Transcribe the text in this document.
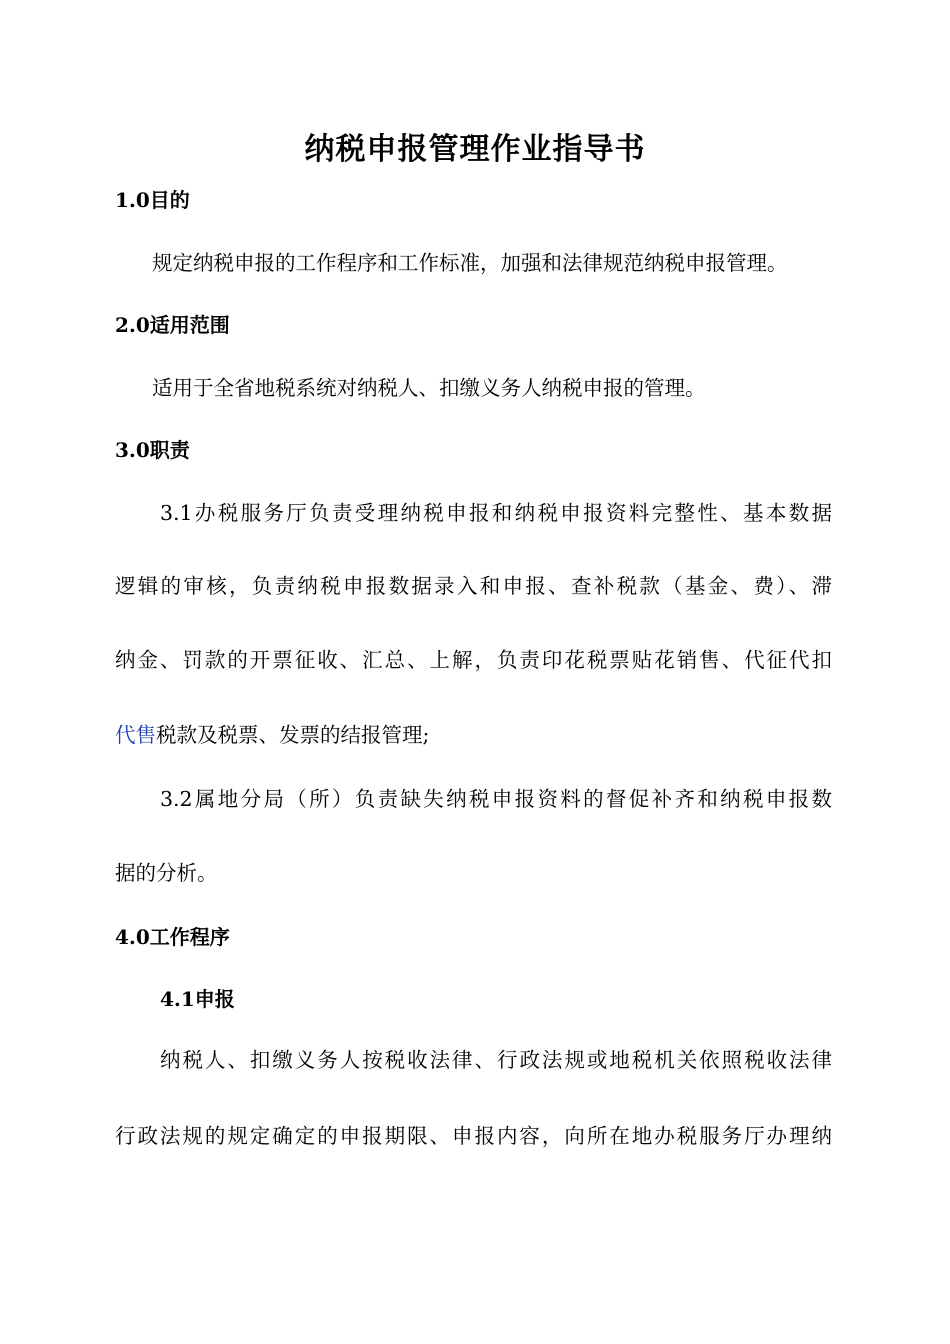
纳税申报管理作业指导书
1.0目的
规定纳税申报的工作程序和工作标准，加强和法律规范纳税申报管理。
2.0适用范围
适用于全省地税系统对纳税人、扣缴义务人纳税申报的管理。
3.0职责
3.1办税服务厅负责受理纳税申报和纳税申报资料完整性、基本数据
逻辑的审核，负责纳税申报数据录入和申报、查补税款（基金、费）、滞
纳金、罚款的开票征收、汇总、上解，负责印花税票贴花销售、代征代扣
代售税款及税票、发票的结报管理;
3.2属地分局（所）负责缺失纳税申报资料的督促补齐和纳税申报数
据的分析。
4.0工作程序
4.1申报
纳税人、扣缴义务人按税收法律、行政法规或地税机关依照税收法律
行政法规的规定确定的申报期限、申报内容，向所在地办税服务厅办理纳
